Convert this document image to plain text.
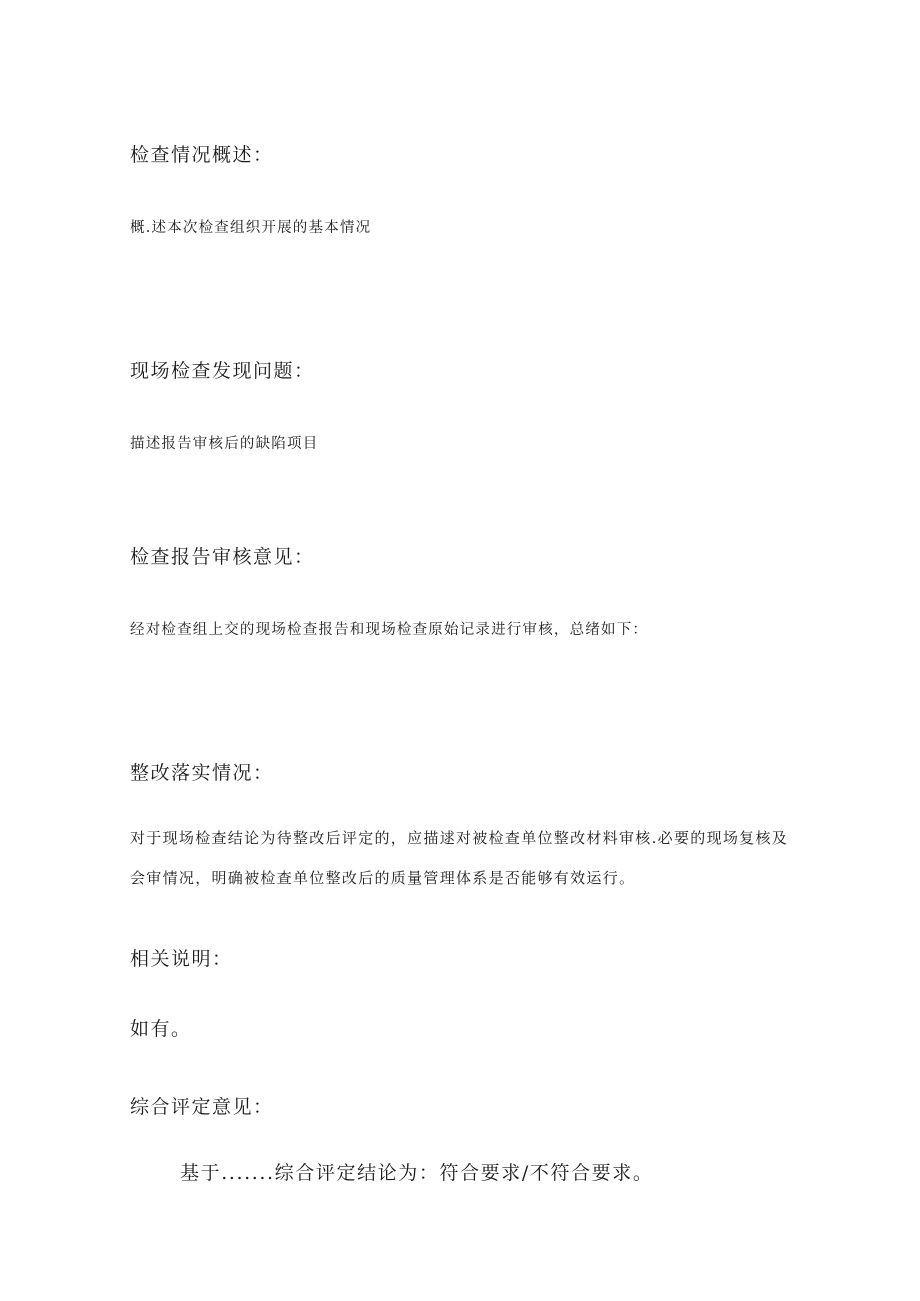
检查情况概述：

概.述本次检查组织开展的基本情况

现场检查发现问题：

描述报告审核后的缺陷项目

检查报告审核意见：

经对检查组上交的现场检查报告和现场检查原始记录进行审核，总绪如下：

整改落实情况：

对于现场检查结论为待整改后评定的，应描逑对被检查单位整改材料审核.必要的现场复核及会审情况，明确被检查单位整改后的质量管理体系是否能够有效运行。

相关说明：

如有。

综合评定意见：

基于.......综合评定结论为：符合要求/不符合要求。
